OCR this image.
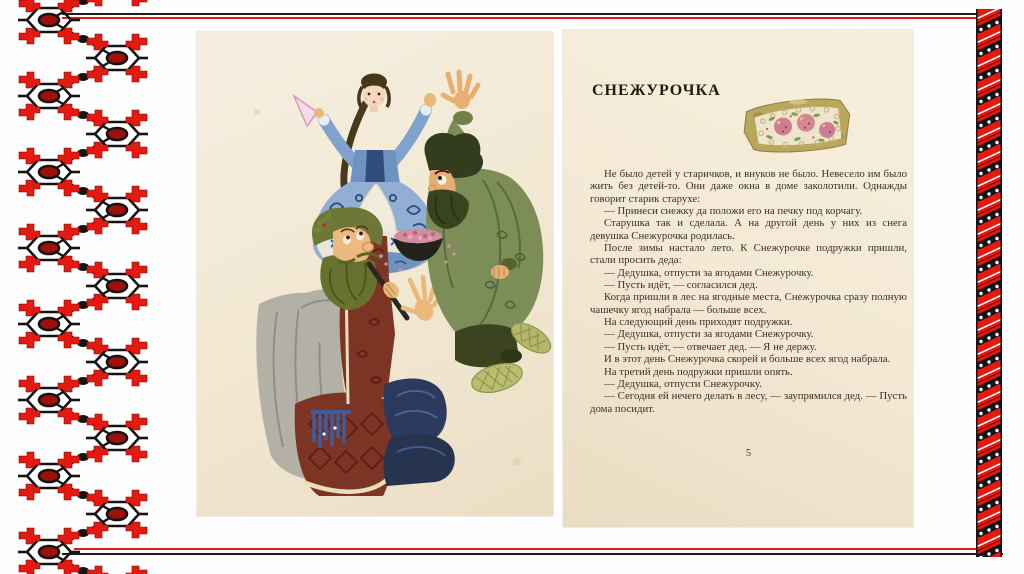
СНЕЖУРОЧКА

Не было детей у старичков, и внуков не было. Невесело им было жить без детей-то. Они даже окна в доме заколотили. Однажды говорит старик старухе:

— Принеси снежку да положи его на печку под корчагу.

Старушка так и сделала. А на другой день у них из снега девушка Снежурочка родилась.

После зимы настало лето. К Снежурочке подружки пришли, стали просить деда:

— Дедушка, отпусти за ягодами Снежурочку.

— Пусть идёт, — согласился дед.

Когда пришли в лес на ягодные места, Снежурочка сразу полную чашечку ягод набрала — больше всех.

На следующий день приходят подружки.

— Дедушка, отпусти за ягодами Снежурочку.

— Пусть идёт, — отвечает дед. — Я не держу.

И в этот день Снежурочка скорей и больше всех ягод набрала.

На третий день подружки пришли опять.

— Дедушка, отпусти Снежурочку.

— Сегодня ей нечего делать в лесу, — заупрямился дед. — Пусть дома посидит.

5
